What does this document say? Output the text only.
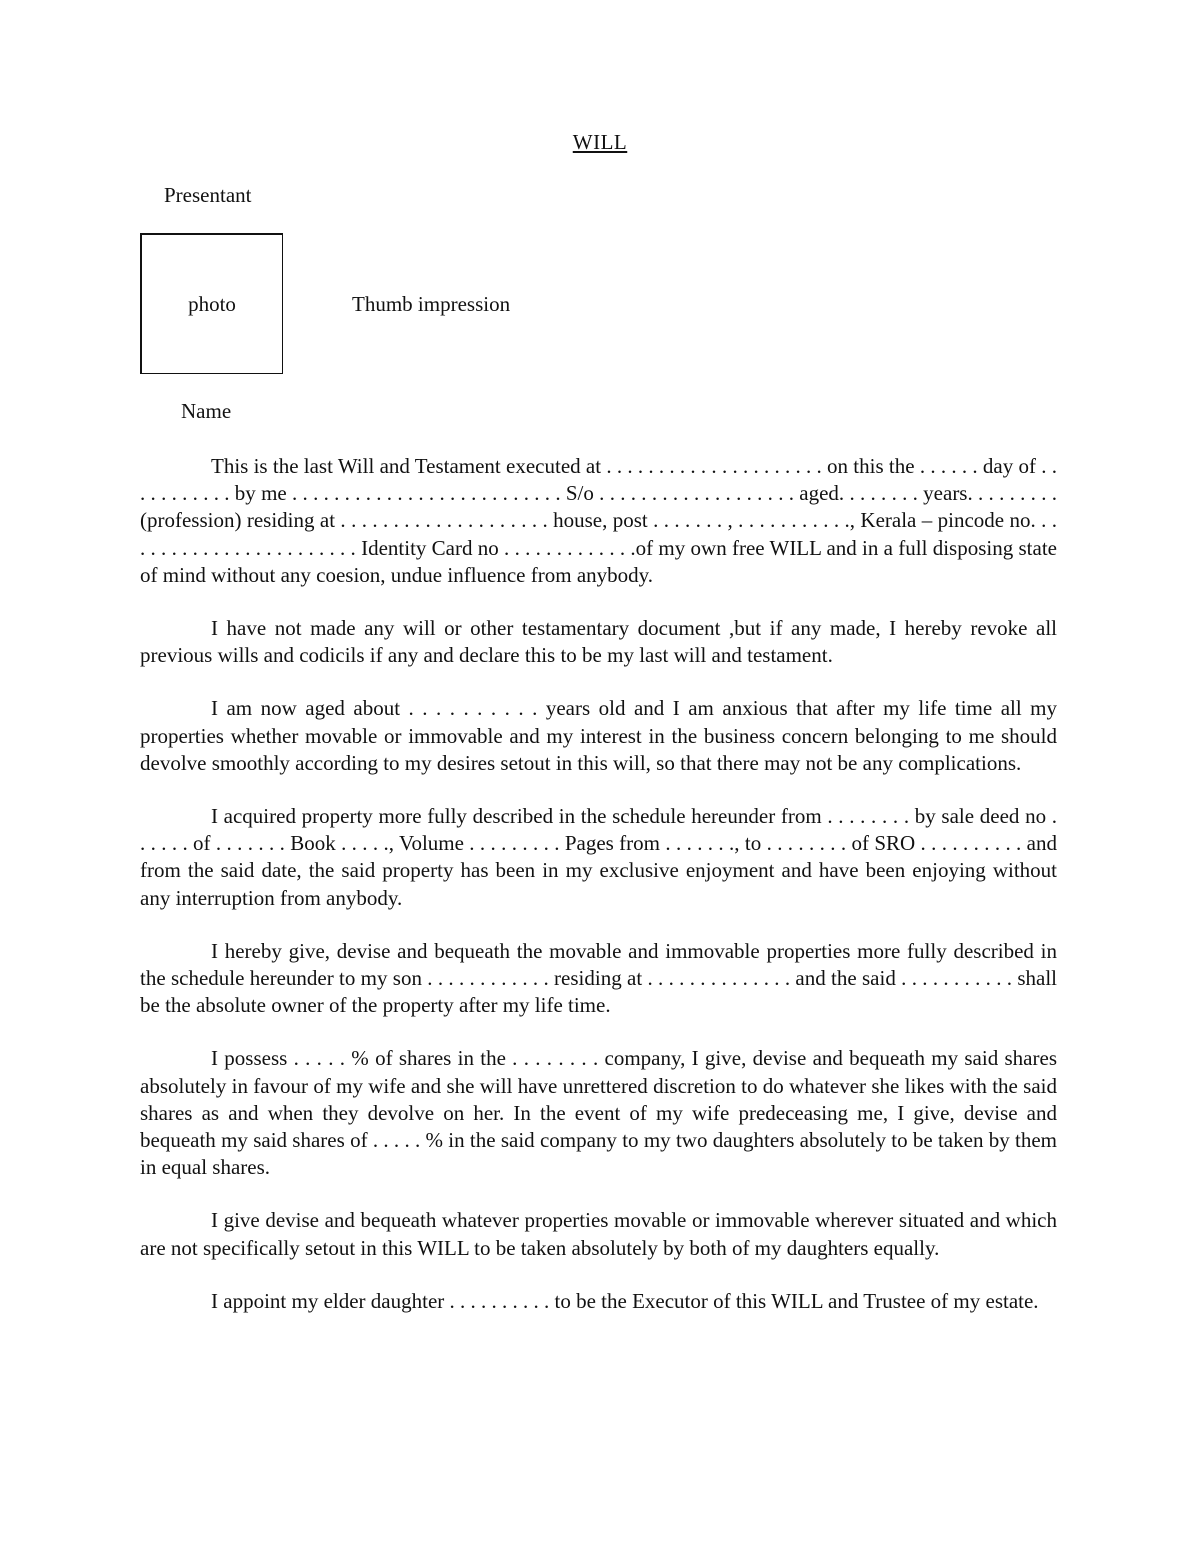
WILL
Presentant
photo	Thumb impression
Name

This is the last Will and Testament executed at . . . . . . . . . . . . . . . . . . . . . on this the . . . . . . day of . . . . . . . . . . . by me . . . . . . . . . . . . . . . . . . . . . . . . . . S/o . . . . . . . . . . . . . . . . . . . aged. . . . . . . . years. . . . . . . . . (profession) residing at . . . . . . . . . . . . . . . . . . . . house, post . . . . . . . , . . . . . . . . . . ., Kerala – pincode no. . . . . . . . . . . . . . . . . . . . . . . . Identity Card no . . . . . . . . . . . . .of my own free WILL and in a full disposing state of mind without any coesion, undue influence from anybody.

I have not made any will or other testamentary document ,but if any made, I hereby revoke all previous wills and codicils if any and declare this to be my last will and testament.

I am now aged about . . . . . . . . . . years old and I am anxious that after my life time all my properties whether movable or immovable and my interest in the business concern belonging to me should devolve smoothly according to my desires setout in this will, so that there may not be any complications.

I acquired property more fully described in the schedule hereunder from . . . . . . . . by sale deed no . . . . . . of . . . . . . . Book . . . . ., Volume . . . . . . . . . Pages from . . . . . . ., to . . . . . . . . of SRO . . . . . . . . . . and from the said date, the said property has been in my exclusive enjoyment and have been enjoying without any interruption from anybody.

I hereby give, devise and bequeath the movable and immovable properties more fully described in the schedule hereunder to my son . . . . . . . . . . . . residing at . . . . . . . . . . . . . . and the said . . . . . . . . . . . shall be the absolute owner of the property after my life time.

I possess . . . . . % of shares in the . . . . . . . . company, I give, devise and bequeath my said shares absolutely in favour of my wife and she will have unrettered discretion to do whatever she likes with the said shares as and when they devolve on her. In the event of my wife predeceasing me, I give, devise and bequeath my said shares of . . . . . % in the said company to my two daughters absolutely to be taken by them in equal shares.

I give devise and bequeath whatever properties movable or immovable wherever situated and which are not specifically setout in this WILL to be taken absolutely by both of my daughters equally.

I appoint my elder daughter . . . . . . . . . . to be the Executor of this WILL and Trustee of my estate.
